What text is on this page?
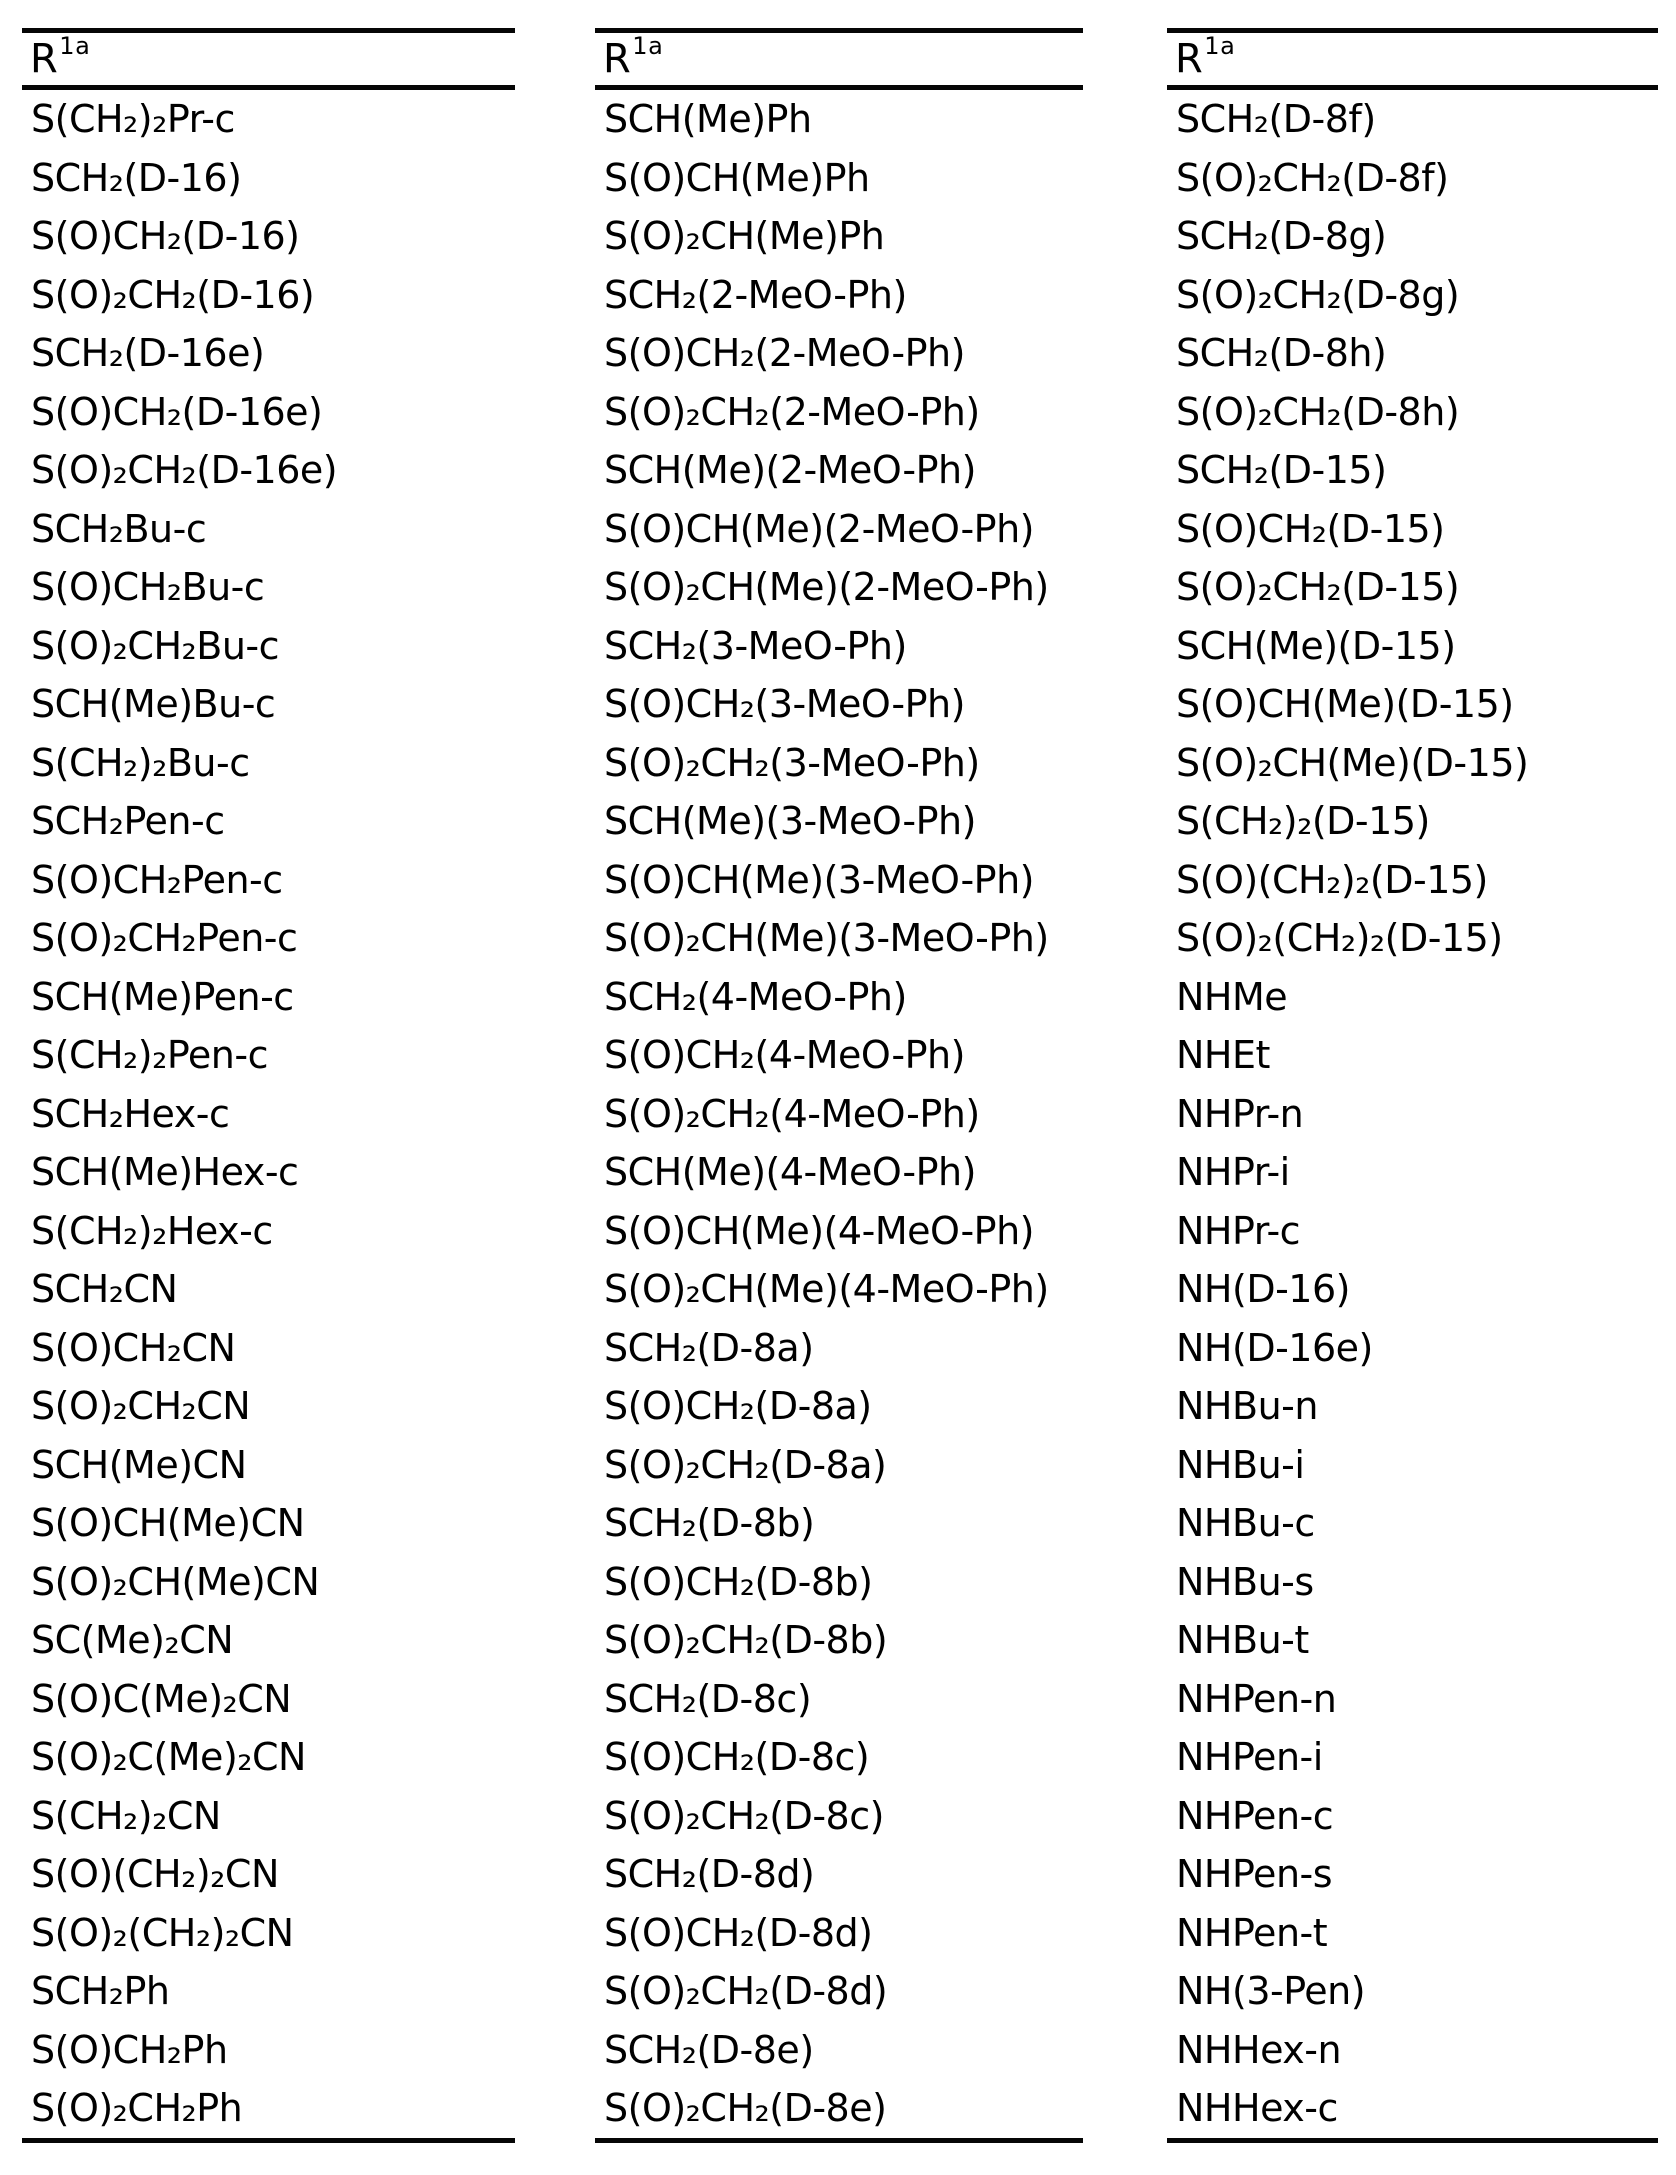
$R^{1a}$
S(CH₂)₂Pr-c
SCH₂(D-16)
S(O)CH₂(D-16)
S(O)₂CH₂(D-16)
SCH₂(D-16e)
S(O)CH₂(D-16e)
S(O)₂CH₂(D-16e)
SCH₂Bu-c
S(O)CH₂Bu-c
S(O)₂CH₂Bu-c
SCH(Me)Bu-c
S(CH₂)₂Bu-c
SCH₂Pen-c
S(O)CH₂Pen-c
S(O)₂CH₂Pen-c
SCH(Me)Pen-c
S(CH₂)₂Pen-c
SCH₂Hex-c
SCH(Me)Hex-c
S(CH₂)₂Hex-c
SCH₂CN
S(O)CH₂CN
S(O)₂CH₂CN
SCH(Me)CN
S(O)CH(Me)CN
S(O)₂CH(Me)CN
SC(Me)₂CN
S(O)C(Me)₂CN
S(O)₂C(Me)₂CN
S(CH₂)₂CN
S(O)(CH₂)₂CN
S(O)₂(CH₂)₂CN
SCH₂Ph
S(O)CH₂Ph
S(O)₂CH₂Ph
$R^{1a}$
SCH(Me)Ph
S(O)CH(Me)Ph
S(O)₂CH(Me)Ph
SCH₂(2-MeO-Ph)
S(O)CH₂(2-MeO-Ph)
S(O)₂CH₂(2-MeO-Ph)
SCH(Me)(2-MeO-Ph)
S(O)CH(Me)(2-MeO-Ph)
S(O)₂CH(Me)(2-MeO-Ph)
SCH₂(3-MeO-Ph)
S(O)CH₂(3-MeO-Ph)
S(O)₂CH₂(3-MeO-Ph)
SCH(Me)(3-MeO-Ph)
S(O)CH(Me)(3-MeO-Ph)
S(O)₂CH(Me)(3-MeO-Ph)
SCH₂(4-MeO-Ph)
S(O)CH₂(4-MeO-Ph)
S(O)₂CH₂(4-MeO-Ph)
SCH(Me)(4-MeO-Ph)
S(O)CH(Me)(4-MeO-Ph)
S(O)₂CH(Me)(4-MeO-Ph)
SCH₂(D-8a)
S(O)CH₂(D-8a)
S(O)₂CH₂(D-8a)
SCH₂(D-8b)
S(O)CH₂(D-8b)
S(O)₂CH₂(D-8b)
SCH₂(D-8c)
S(O)CH₂(D-8c)
S(O)₂CH₂(D-8c)
SCH₂(D-8d)
S(O)CH₂(D-8d)
S(O)₂CH₂(D-8d)
SCH₂(D-8e)
S(O)₂CH₂(D-8e)
$R^{1a}$
SCH₂(D-8f)
S(O)₂CH₂(D-8f)
SCH₂(D-8g)
S(O)₂CH₂(D-8g)
SCH₂(D-8h)
S(O)₂CH₂(D-8h)
SCH₂(D-15)
S(O)CH₂(D-15)
S(O)₂CH₂(D-15)
SCH(Me)(D-15)
S(O)CH(Me)(D-15)
S(O)₂CH(Me)(D-15)
S(CH₂)₂(D-15)
S(O)(CH₂)₂(D-15)
S(O)₂(CH₂)₂(D-15)
NHMe
NHEt
NHPr-n
NHPr-i
NHPr-c
NH(D-16)
NH(D-16e)
NHBu-n
NHBu-i
NHBu-c
NHBu-s
NHBu-t
NHPen-n
NHPen-i
NHPen-c
NHPen-s
NHPen-t
NH(3-Pen)
NHHex-n
NHHex-c
